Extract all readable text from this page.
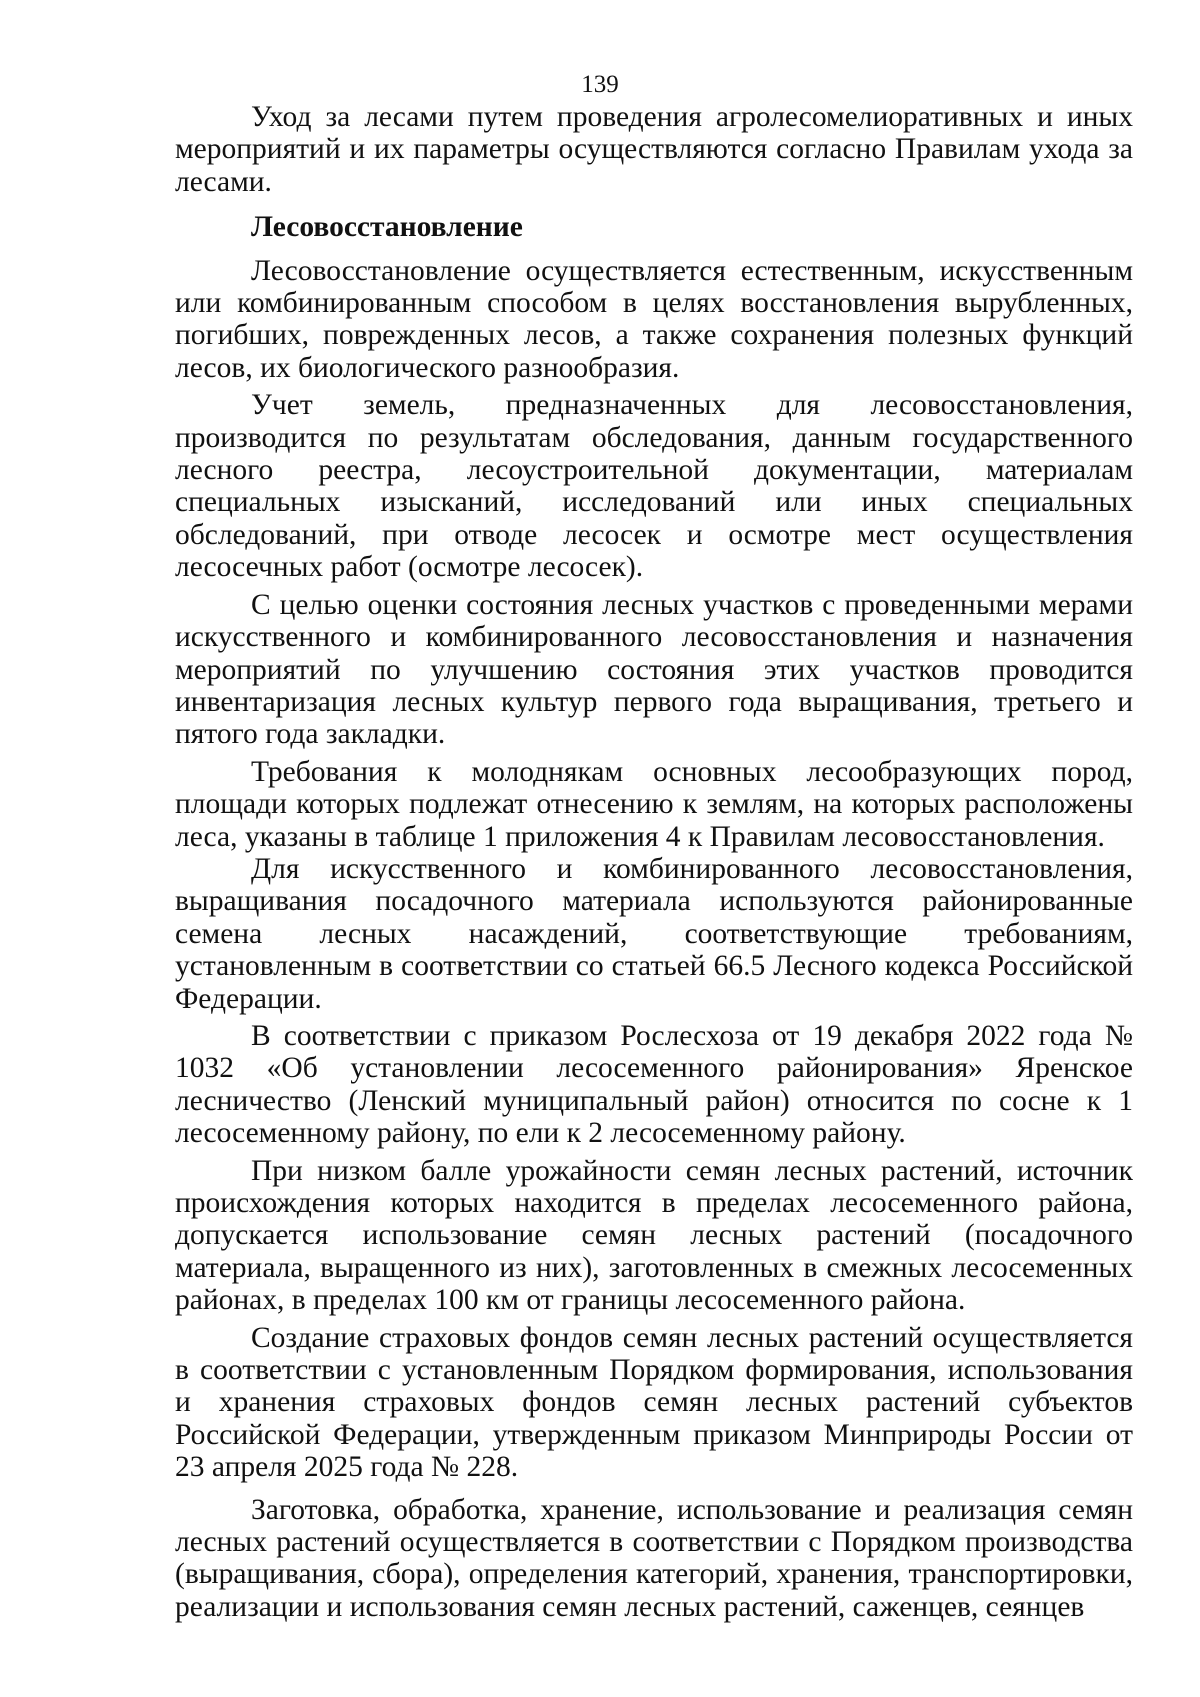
139

Уход за лесами путем проведения агролесомелиоративных и иных мероприятий и их параметры осуществляются согласно Правилам ухода за лесами.

Лесовосстановление

Лесовосстановление осуществляется естественным, искусственным или комбинированным способом в целях восстановления вырубленных, погибших, поврежденных лесов, а также сохранения полезных функций лесов, их биологического разнообразия.

Учет земель, предназначенных для лесовосстановления, производится по результатам обследования, данным государственного лесного реестра, лесоустроительной документации, материалам специальных изысканий, исследований или иных специальных обследований, при отводе лесосек и осмотре мест осуществления лесосечных работ (осмотре лесосек).

С целью оценки состояния лесных участков с проведенными мерами искусственного и комбинированного лесовосстановления и назначения мероприятий по улучшению состояния этих участков проводится инвентаризация лесных культур первого года выращивания, третьего и пятого года закладки.

Требования к молоднякам основных лесообразующих пород, площади которых подлежат отнесению к землям, на которых расположены леса, указаны в таблице 1 приложения 4 к Правилам лесовосстановления.

Для искусственного и комбинированного лесовосстановления, выращивания посадочного материала используются районированные семена лесных насаждений, соответствующие требованиям, установленным в соответствии со статьей 66.5 Лесного кодекса Российской Федерации.

В соответствии с приказом Рослесхоза от 19 декабря 2022 года № 1032 «Об установлении лесосеменного районирования» Яренское лесничество (Ленский муниципальный район) относится по сосне к 1 лесосеменному району, по ели к 2 лесосеменному району.

При низком балле урожайности семян лесных растений, источник происхождения которых находится в пределах лесосеменного района, допускается использование семян лесных растений (посадочного материала, выращенного из них), заготовленных в смежных лесосеменных районах, в пределах 100 км от границы лесосеменного района.

Создание страховых фондов семян лесных растений осуществляется в соответствии с установленным Порядком формирования, использования и хранения страховых фондов семян лесных растений субъектов Российской Федерации, утвержденным приказом Минприроды России от 23 апреля 2025 года № 228.

Заготовка, обработка, хранение, использование и реализация семян лесных растений осуществляется в соответствии с Порядком производства (выращивания, сбора), определения категорий, хранения, транспортировки, реализации и использования семян лесных растений, саженцев, сеянцев
